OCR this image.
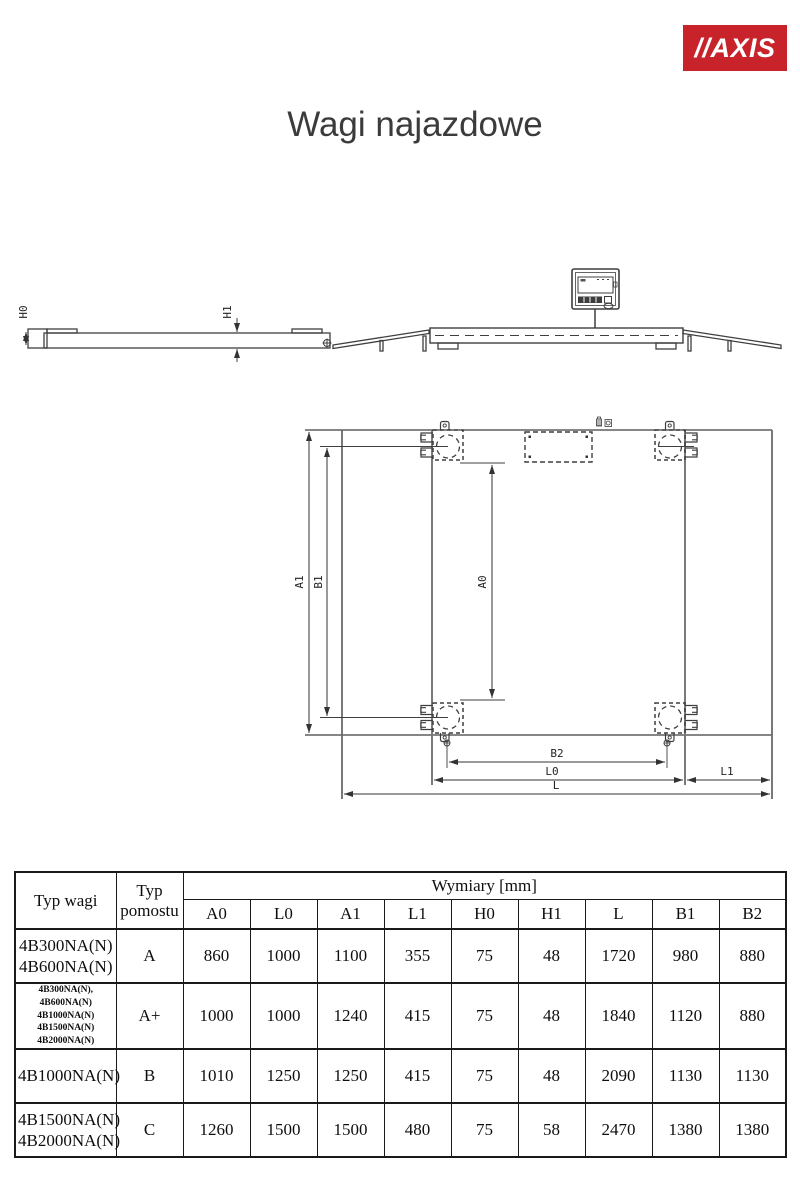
//AXIS
Wagi najazdowe
H0	H1
A1 B1	A0
B2
L0	L1
L
Typ wagi	Typ pomostu	Wymiary [mm]								
		A0	L0	A1	L1	H0	H1	L	B1	B2

4B300NA(N)
4B600NA(N)	A	860	1000	1100	355	75	48	1720	980	880

4B300NA(N), 4B600NA(N)
4B1000NA(N)
4B1500NA(N)
4B2000NA(N)	A+	1000	1000	1240	415	75	48	1840	1120	880

4B1000NA(N)	B	1010	1250	1250	415	75	48	2090	1130	1130

4B1500NA(N)
4B2000NA(N)	C	1260	1500	1500	480	75	58	2470	1380	1380
